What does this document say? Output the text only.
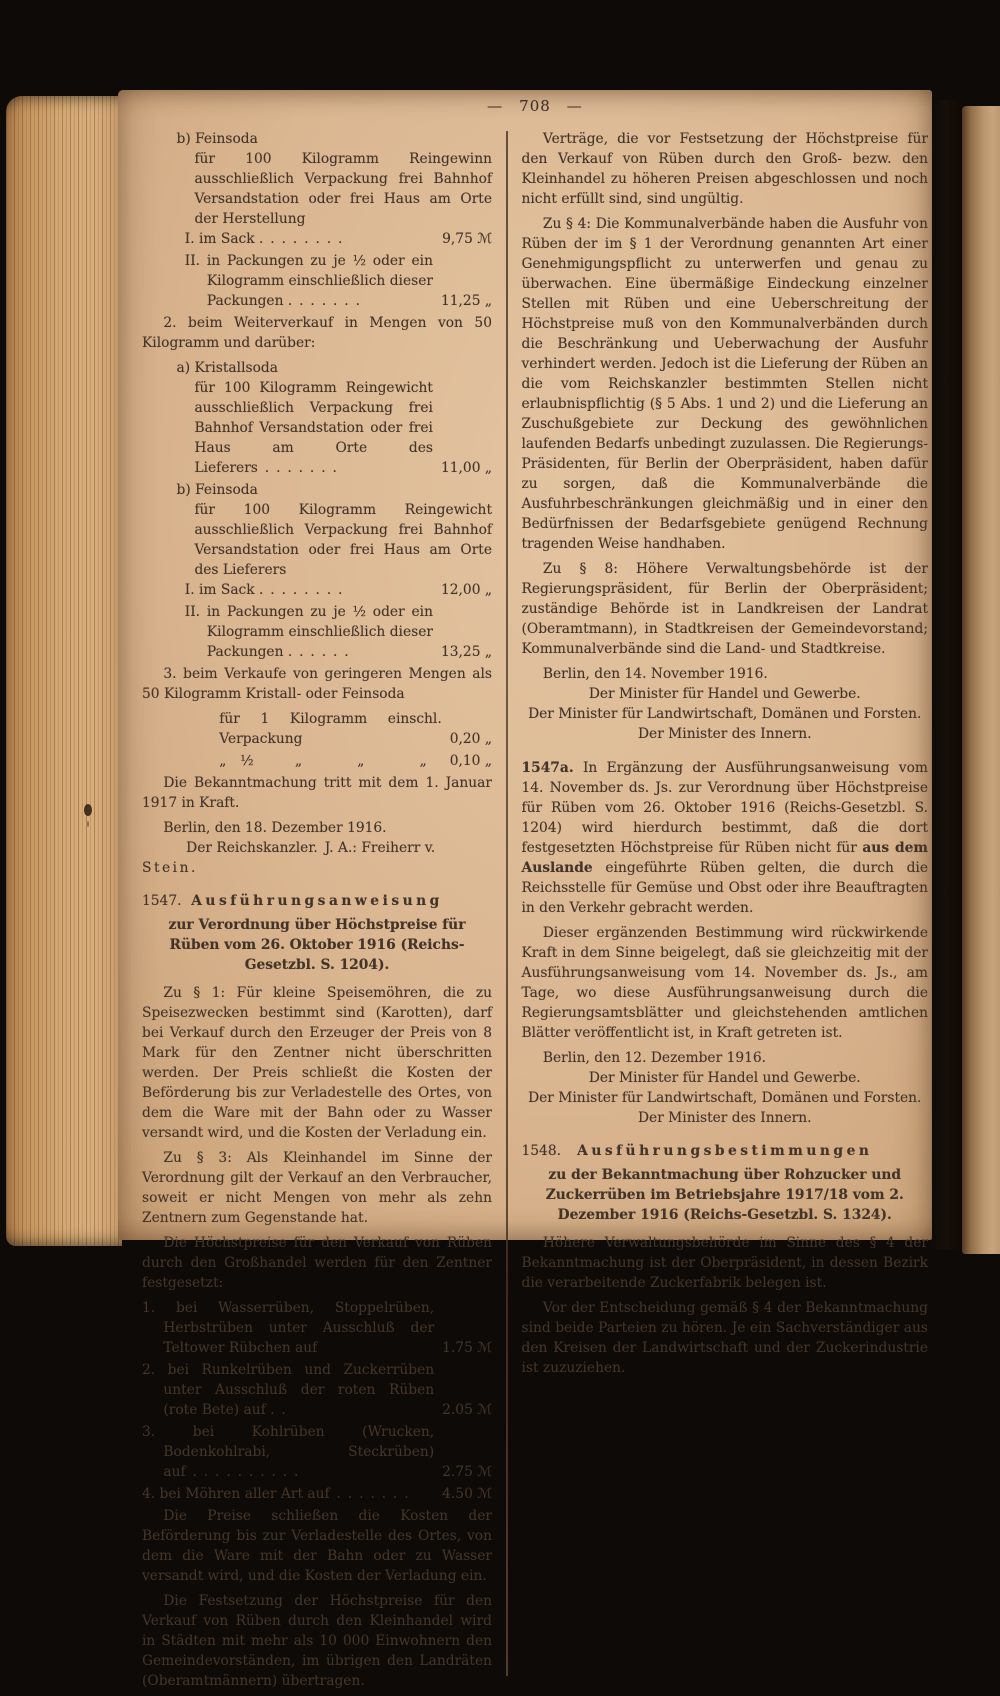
— 708 —
b) Feinsoda
für 100 Kilogramm Reingewinn ausschließlich Verpackung frei Bahnhof Versandstation oder frei Haus am Orte der Herstellung
I. im Sack . . . . . . . .	9,75 ℳ
II. in Packungen zu je ½ oder ein Kilogramm einschließlich dieser Packungen . . . . . . .	11,25 „
2. beim Weiterverkauf in Mengen von 50 Kilogramm und darüber:
a) Kristallsoda
für 100 Kilogramm Reingewicht ausschließlich Verpackung frei Bahnhof Versandstation oder frei Haus am Orte des Lieferers . . . . . . .	11,00 „
b) Feinsoda
für 100 Kilogramm Reingewicht ausschließlich Verpackung frei Bahnhof Versandstation oder frei Haus am Orte des Lieferers
I. im Sack . . . . . . . .	12,00 „
II. in Packungen zu je ½ oder ein Kilogramm einschließlich dieser Packungen . . . . . .	13,25 „
3. beim Verkaufe von geringeren Mengen als 50 Kilogramm Kristall- oder Feinsoda
für 1 Kilogramm einschl. Verpackung	0,20 „
„ ½   „    „    „	0,10 „
Die Bekanntmachung tritt mit dem 1. Januar 1917 in Kraft.
Berlin, den 18. Dezember 1916.
Der Reichskanzler. J. A.: Freiherr v. Stein.
1547. Ausführungsanweisung
zur Verordnung über Höchstpreise für Rüben vom 26. Oktober 1916 (Reichs-Gesetzbl. S. 1204).
Zu § 1: Für kleine Speisemöhren, die zu Speisezwecken bestimmt sind (Karotten), darf bei Verkauf durch den Erzeuger der Preis von 8 Mark für den Zentner nicht überschritten werden. Der Preis schließt die Kosten der Beförderung bis zur Verladestelle des Ortes, von dem die Ware mit der Bahn oder zu Wasser versandt wird, und die Kosten der Verladung ein.
Zu § 3: Als Kleinhandel im Sinne der Verordnung gilt der Verkauf an den Verbraucher, soweit er nicht Mengen von mehr als zehn Zentnern zum Gegenstande hat.
Die Höchstpreise für den Verkauf von Rüben durch den Großhandel werden für den Zentner festgesetzt:
1. bei Wasserrüben, Stoppelrüben, Herbstrüben unter Ausschluß der Teltower Rübchen auf	1.75 ℳ
2. bei Runkelrüben und Zuckerrüben unter Ausschluß der roten Rüben (rote Bete) auf . .	2.05 ℳ
3. bei Kohlrüben (Wrucken, Bodenkohlrabi, Steckrüben) auf . . . . . . . . . .	2.75 ℳ
4. bei Möhren aller Art auf . . . . . . .	4.50 ℳ
Die Preise schließen die Kosten der Beförderung bis zur Verladestelle des Ortes, von dem die Ware mit der Bahn oder zu Wasser versandt wird, und die Kosten der Verladung ein.
Die Festsetzung der Höchstpreise für den Verkauf von Rüben durch den Kleinhandel wird in Städten mit mehr als 10 000 Einwohnern den Gemeindevorständen, im übrigen den Landräten (Oberamtmännern) übertragen.
Verträge, die vor Festsetzung der Höchstpreise für den Verkauf von Rüben durch den Groß- bezw. den Kleinhandel zu höheren Preisen abgeschlossen und noch nicht erfüllt sind, sind ungültig.
Zu § 4: Die Kommunalverbände haben die Ausfuhr von Rüben der im § 1 der Verordnung genannten Art einer Genehmigungspflicht zu unterwerfen und genau zu überwachen. Eine übermäßige Eindeckung einzelner Stellen mit Rüben und eine Ueberschreitung der Höchstpreise muß von den Kommunalverbänden durch die Beschränkung und Ueberwachung der Ausfuhr verhindert werden. Jedoch ist die Lieferung der Rüben an die vom Reichskanzler bestimmten Stellen nicht erlaubnispflichtig (§ 5 Abs. 1 und 2) und die Lieferung an Zuschußgebiete zur Deckung des gewöhnlichen laufenden Bedarfs unbedingt zuzulassen. Die Regierungs-Präsidenten, für Berlin der Oberpräsident, haben dafür zu sorgen, daß die Kommunalverbände die Ausfuhrbeschränkungen gleichmäßig und in einer den Bedürfnissen der Bedarfsgebiete genügend Rechnung tragenden Weise handhaben.
Zu § 8: Höhere Verwaltungsbehörde ist der Regierungspräsident, für Berlin der Oberpräsident; zuständige Behörde ist in Landkreisen der Landrat (Oberamtmann), in Stadtkreisen der Gemeindevorstand; Kommunalverbände sind die Land- und Stadtkreise.
Berlin, den 14. November 1916.
Der Minister für Handel und Gewerbe.
Der Minister für Landwirtschaft, Domänen und Forsten.
Der Minister des Innern.
1547a. In Ergänzung der Ausführungsanweisung vom 14. November ds. Js. zur Verordnung über Höchstpreise für Rüben vom 26. Oktober 1916 (Reichs-Gesetzbl. S. 1204) wird hierdurch bestimmt, daß die dort festgesetzten Höchstpreise für Rüben nicht für aus dem Auslande eingeführte Rüben gelten, die durch die Reichsstelle für Gemüse und Obst oder ihre Beauftragten in den Verkehr gebracht werden.
Dieser ergänzenden Bestimmung wird rückwirkende Kraft in dem Sinne beigelegt, daß sie gleichzeitig mit der Ausführungsanweisung vom 14. November ds. Js., am Tage, wo diese Ausführungsanweisung durch die Regierungsamtsblätter und gleichstehenden amtlichen Blätter veröffentlicht ist, in Kraft getreten ist.
Berlin, den 12. Dezember 1916.
Der Minister für Handel und Gewerbe.
Der Minister für Landwirtschaft, Domänen und Forsten.
Der Minister des Innern.
1548.	Ausführungsbestimmungen
zu der Bekanntmachung über Rohzucker und Zuckerrüben im Betriebsjahre 1917/18 vom 2. Dezember 1916 (Reichs-Gesetzbl. S. 1324).
Höhere Verwaltungsbehörde im Sinne des § 4 der Bekanntmachung ist der Oberpräsident, in dessen Bezirk die verarbeitende Zuckerfabrik belegen ist.
Vor der Entscheidung gemäß § 4 der Bekanntmachung sind beide Parteien zu hören. Je ein Sachverständiger aus den Kreisen der Landwirtschaft und der Zuckerindustrie ist zuzuziehen.
